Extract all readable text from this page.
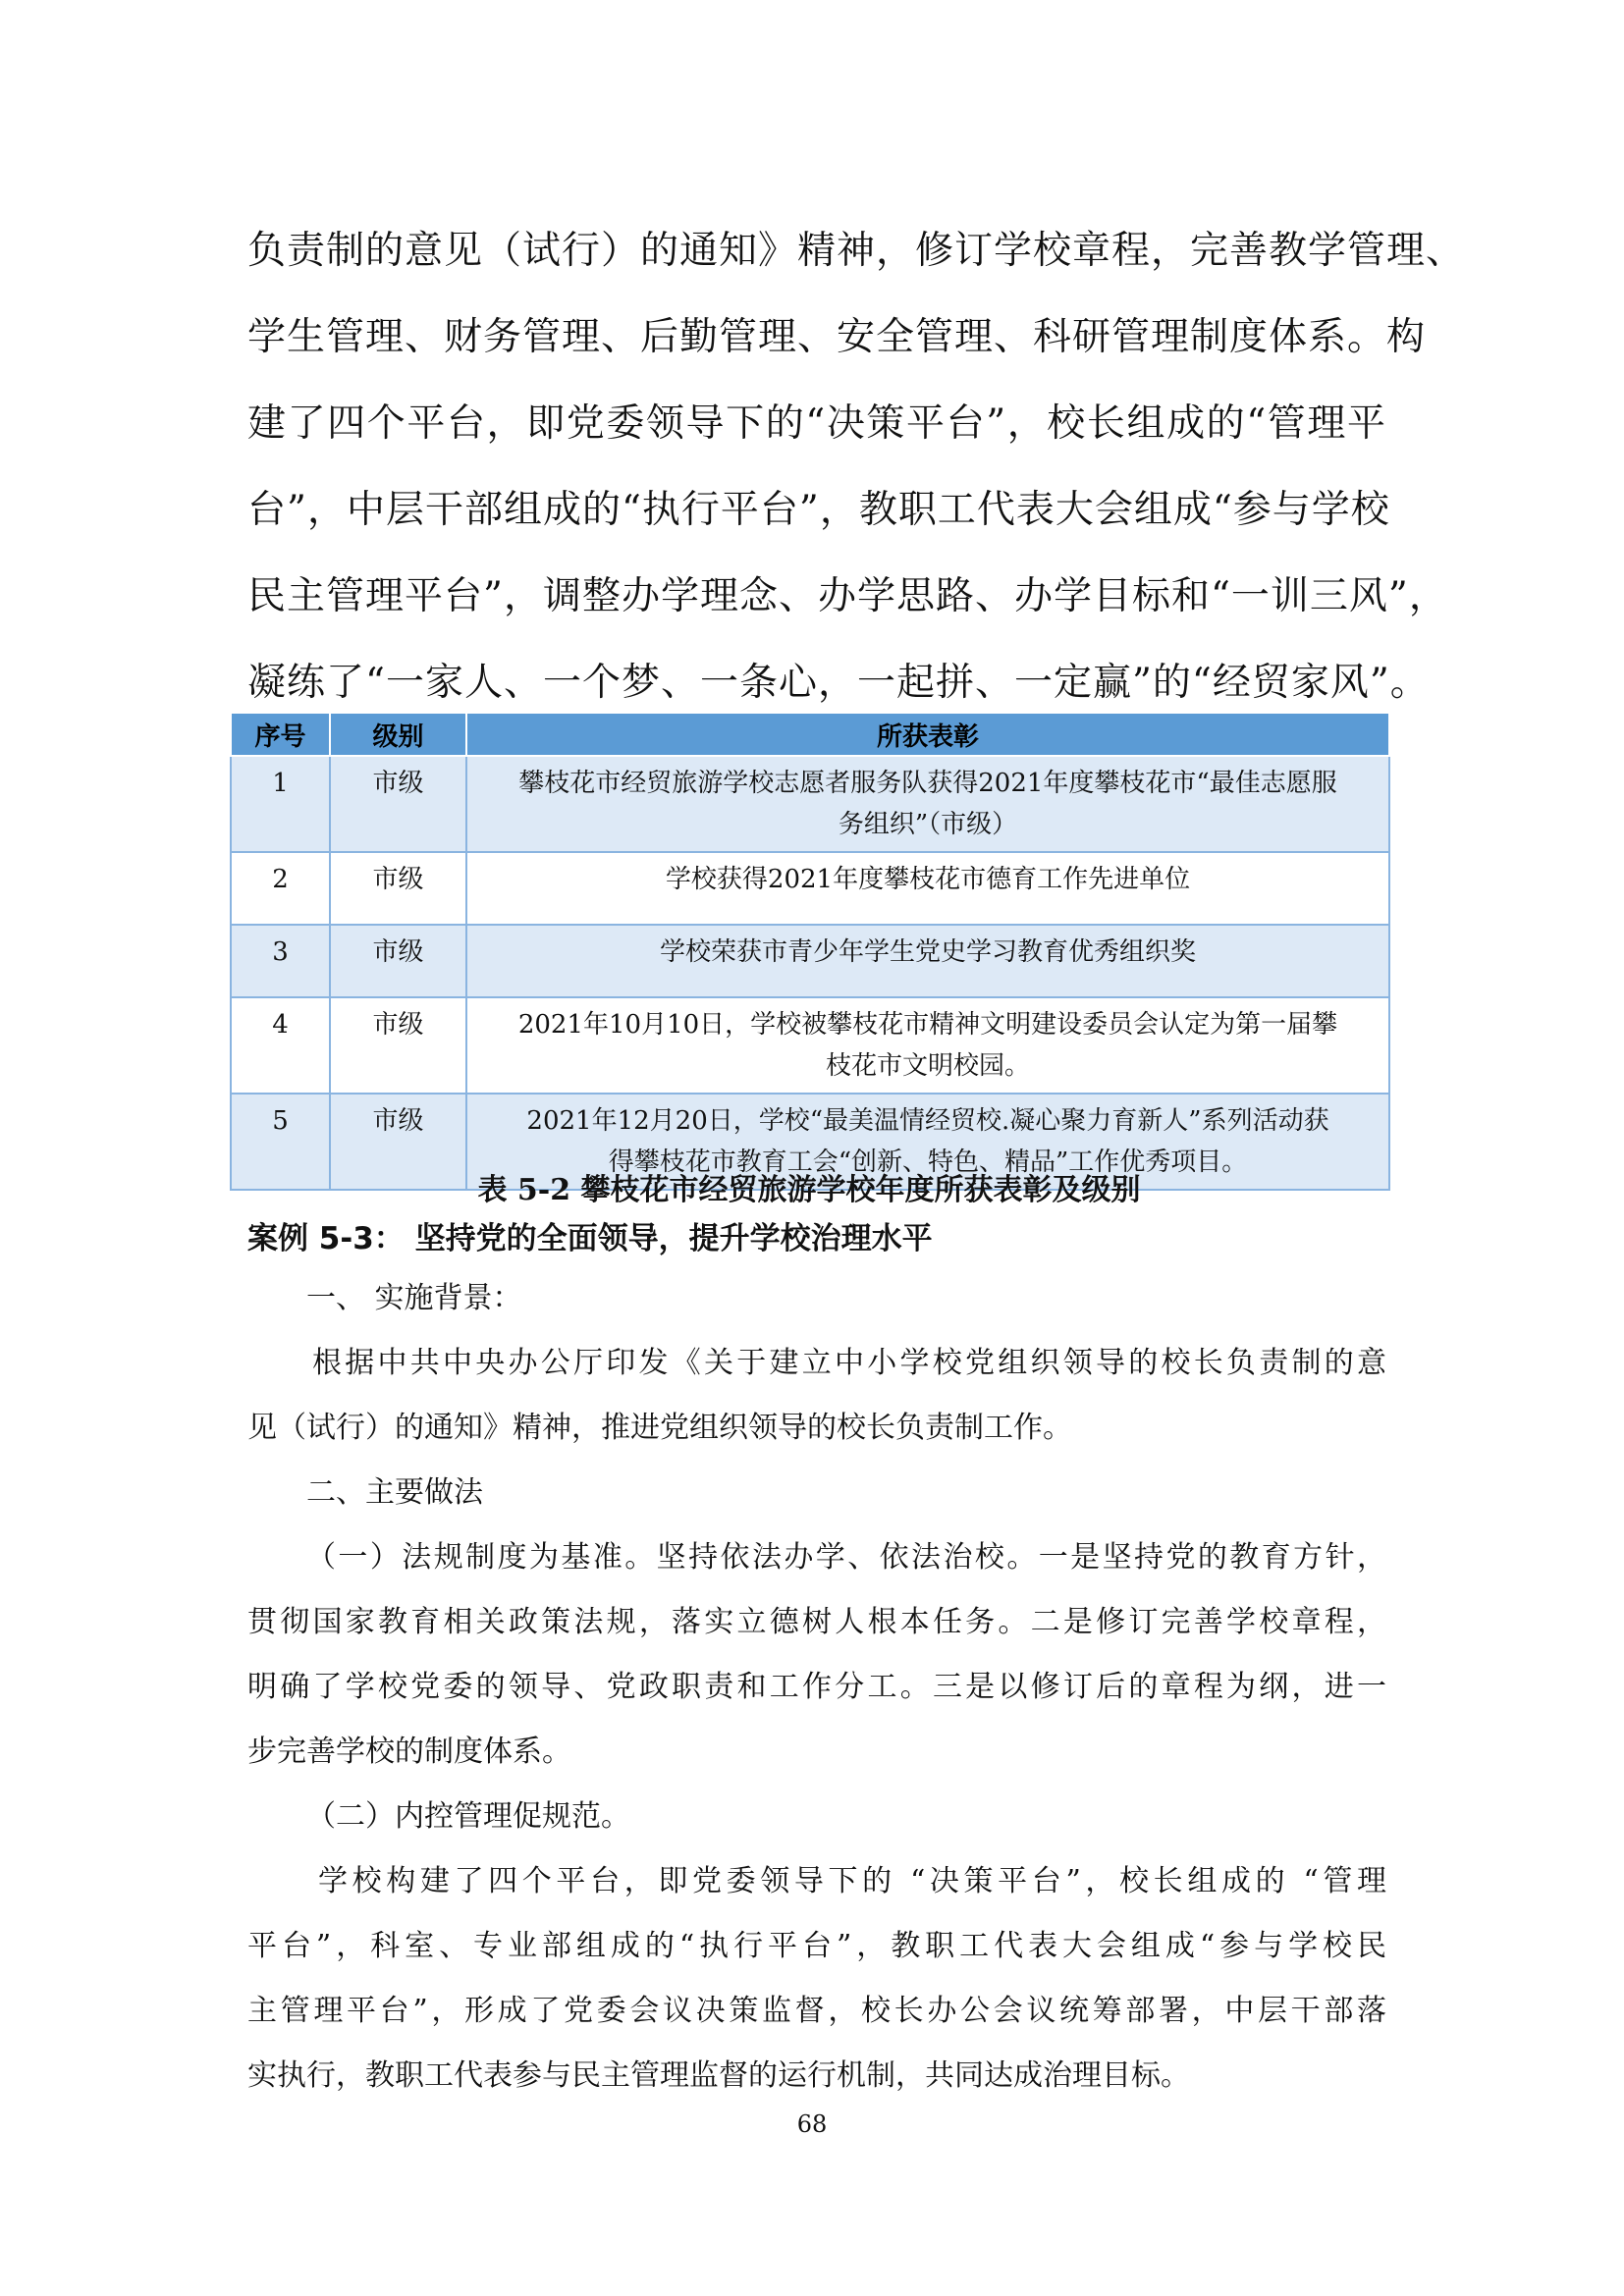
负责制的意见（试行）的通知》精神，修订学校章程，完善教学管理、
学生管理、财务管理、后勤管理、安全管理、科研管理制度体系。构
建了四个平台，即党委领导下的“决策平台”，校长组成的“管理平
台”，中层干部组成的“执行平台”，教职工代表大会组成“参与学校
民主管理平台”，调整办学理念、办学思路、办学目标和“一训三风”，
凝练了“一家人、一个梦、一条心，一起拼、一定赢”的“经贸家风”。
序号	级别	所获表彰
1	市级	攀枝花市经贸旅游学校志愿者服务队获得2021年度攀枝花市“最佳志愿服
务组织”（市级）

2	市级	学校获得2021年度攀枝花市德育工作先进单位

3	市级	学校荣获市青少年学生党史学习教育优秀组织奖

4	市级	2021年10月10日，学校被攀枝花市精神文明建设委员会认定为第一届攀
枝花市文明校园。

5	市级	2021年12月20日，学校“最美温情经贸校.凝心聚力育新人”系列活动获
得攀枝花市教育工会“创新、特色、精品”工作优秀项目。
表 5-2 攀枝花市经贸旅游学校年度所获表彰及级别
案例 5-3： 坚持党的全面领导，提升学校治理水平
一、 实施背景：
根据中共中央办公厅印发《关于建立中小学校党组织领导的校长负责制的意
见（试行）的通知》精神，推进党组织领导的校长负责制工作。
二、主要做法
（一）法规制度为基准。坚持依法办学、依法治校。一是坚持党的教育方针，
贯彻国家教育相关政策法规，落实立德树人根本任务。二是修订完善学校章程，
明确了学校党委的领导、党政职责和工作分工。三是以修订后的章程为纲，进一
步完善学校的制度体系。
（二）内控管理促规范。
学校构建了四个平台，即党委领导下的 “决策平台”，校长组成的 “管理
平台”，科室、专业部组成的“执行平台”，教职工代表大会组成“参与学校民
主管理平台”，形成了党委会议决策监督，校长办公会议统筹部署，中层干部落
实执行，教职工代表参与民主管理监督的运行机制，共同达成治理目标。
68
